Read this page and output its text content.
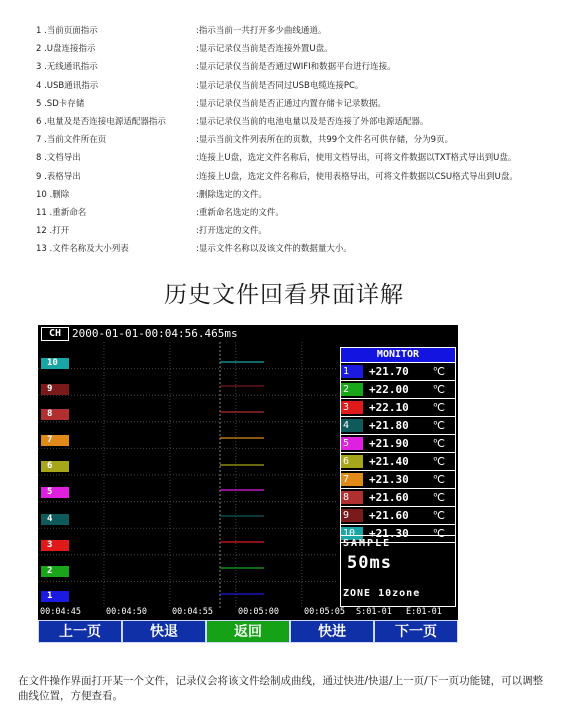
1 .当前页面指示	:指示当前一共打开多少曲线通道。
2 .U盘连接指示	:显示记录仪当前是否连接外置U盘。
3 .无线通讯指示	:显示记录仪当前是否通过WIFI和数据平台进行连接。
4 .USB通讯指示	:显示记录仪当前是否同过USB电缆连接PC。
5 .SD卡存储	:显示记录仪当前是否正通过内置存储卡记录数据。
6 .电量及是否连接电源适配器指示	:显示记录仪当前的电池电量以及是否连接了外部电源适配器。
7 .当前文件所在页	:显示当前文件列表所在的页数，共99个文件名可供存储，分为9页。
8 .文档导出	:连接上U盘，选定文件名称后，使用文档导出，可将文件数据以TXT格式导出到U盘。
9 .表格导出	:连接上U盘，选定文件名称后，使用表格导出，可将文件数据以CSU格式导出到U盘。
10 .删除	:删除选定的文件。
11 .重新命名	:重新命名选定的文件。
12 .打开	:打开选定的文件。
13 .文件名称及大小列表	:显示文件名称以及该文件的数据量大小。
历史文件回看界面详解
CH 2000-01-01-00:04:56.465ms
10
9
8
7
6
5
4
3
2
1
00:04:45	00:04:50	00:04:55	00:05:00	00:05:05 S:01-01 E:01-01
MONITOR
1	+21.70 ℃
2	+22.00 ℃
3	+22.10 ℃
4	+21.80 ℃
5	+21.90 ℃
6	+21.40 ℃
7	+21.30 ℃
8	+21.60 ℃
9	+21.60 ℃
10	+21.30 ℃
SAMPLE
50ms
ZONE 10zone
上一页	快退	返回	快进	下一页
在文件操作界面打开某一个文件，记录仪会将该文件绘制成曲线，通过快进/快退/上一页/下一页功能键，可以调整曲线位置，方便查看。
